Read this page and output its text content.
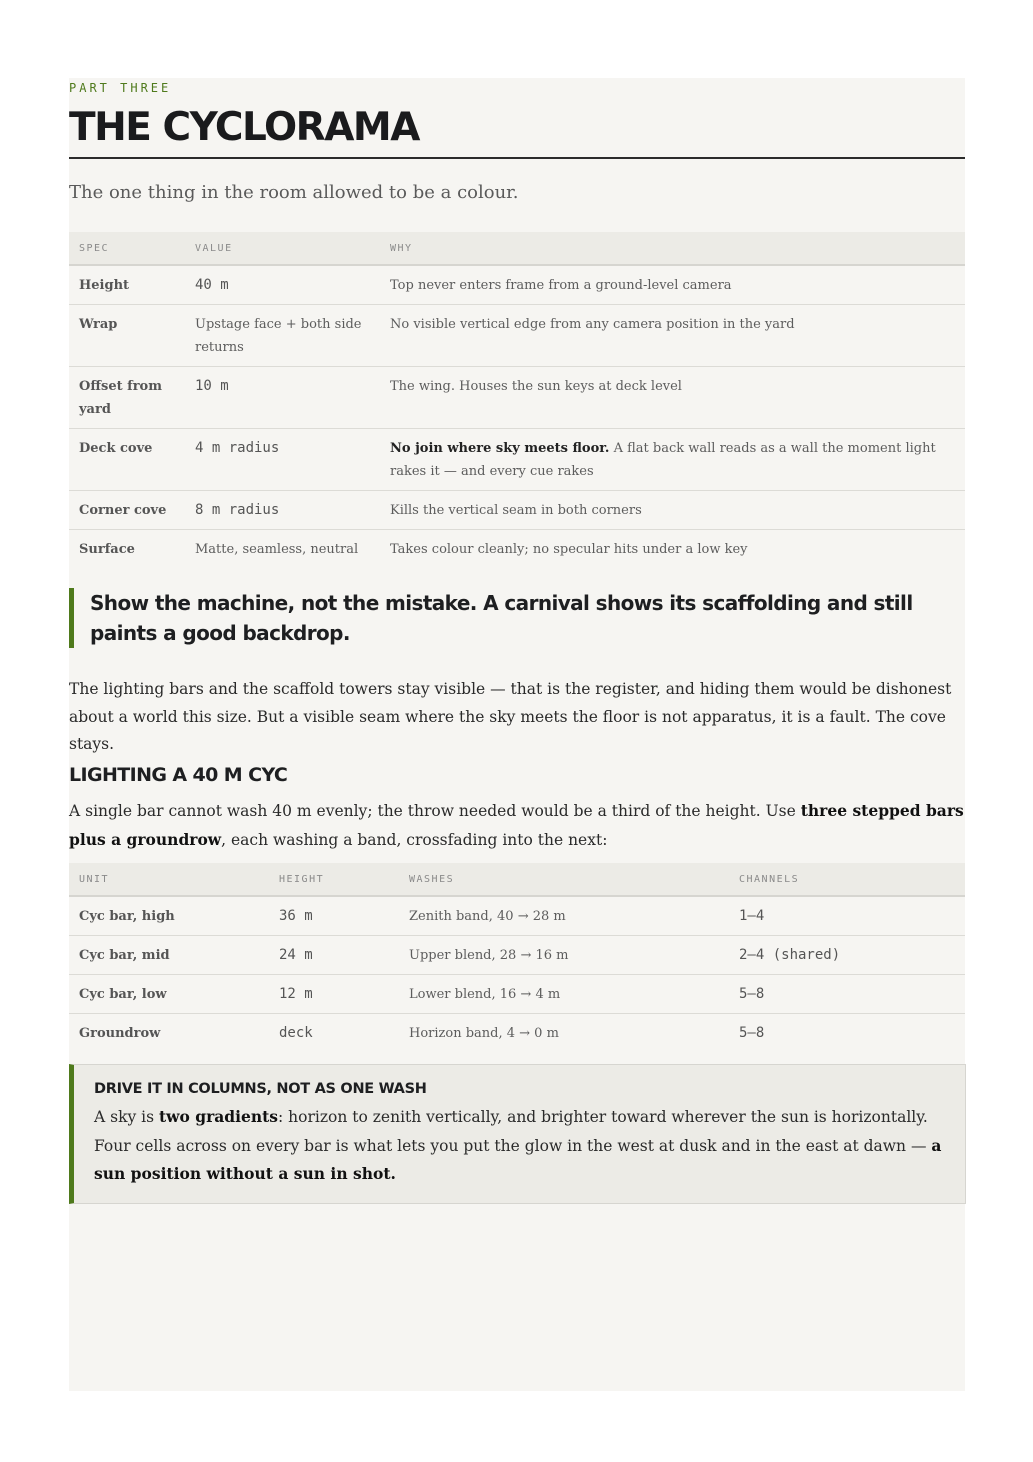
PART THREE
THE CYCLORAMA
The one thing in the room allowed to be a colour.
SPEC	VALUE	WHY
Height	40 m	Top never enters frame from a ground-level camera
Wrap	Upstage face + both side returns	No visible vertical edge from any camera position in the yard
Offset from yard	10 m	The wing. Houses the sun keys at deck level
Deck cove	4 m radius	No join where sky meets floor. A flat back wall reads as a wall the moment light rakes it — and every cue rakes
Corner cove	8 m radius	Kills the vertical seam in both corners
Surface	Matte, seamless, neutral	Takes colour cleanly; no specular hits under a low key
Show the machine, not the mistake. A carnival shows its scaffolding and still paints a good backdrop.

The lighting bars and the scaffold towers stay visible — that is the register, and hiding them would be dishonest about a world this size. But a visible seam where the sky meets the floor is not apparatus, it is a fault. The cove stays.

LIGHTING A 40 M CYC

A single bar cannot wash 40 m evenly; the throw needed would be a third of the height. Use three stepped bars plus a groundrow, each washing a band, crossfading into the next:

UNIT	HEIGHT	WASHES	CHANNELS
Cyc bar, high	36 m	Zenith band, 40 → 28 m	1–4
Cyc bar, mid	24 m	Upper blend, 28 → 16 m	2–4 (shared)
Cyc bar, low	12 m	Lower blend, 16 → 4 m	5–8
Groundrow	deck	Horizon band, 4 → 0 m	5–8
DRIVE IT IN COLUMNS, NOT AS ONE WASH
A sky is two gradients: horizon to zenith vertically, and brighter toward wherever the sun is horizontally. Four cells across on every bar is what lets you put the glow in the west at dusk and in the east at dawn — a sun position without a sun in shot.
